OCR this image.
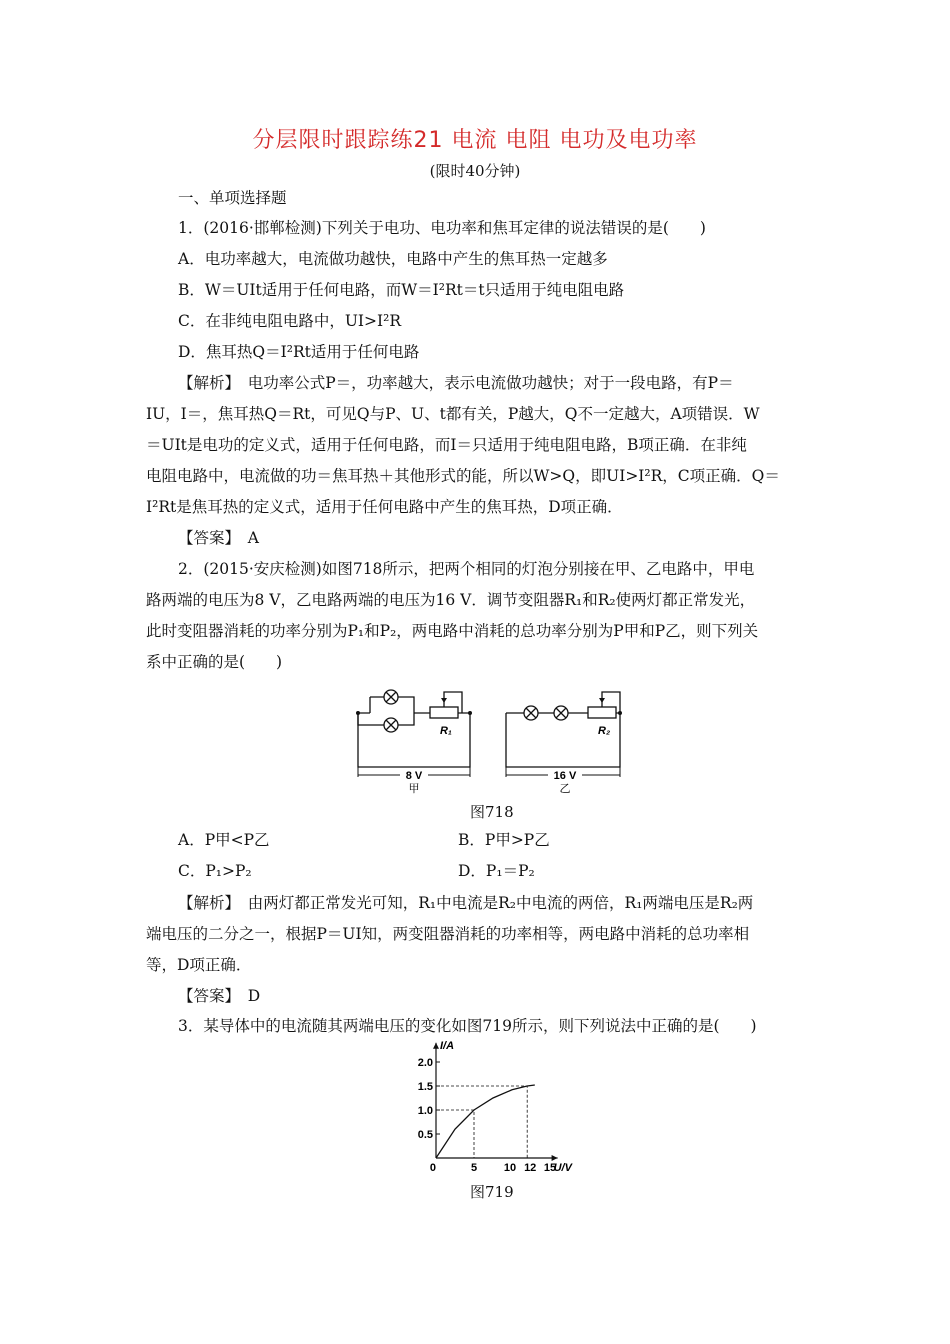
分层限时跟踪练21 电流 电阻 电功及电功率
(限时40分钟)
一、单项选择题
1．(2016·邯郸检测)下列关于电功、电功率和焦耳定律的说法错误的是(　　)
A．电功率越大，电流做功越快，电路中产生的焦耳热一定越多
B．W＝UIt适用于任何电路，而W＝I²Rt＝t只适用于纯电阻电路
C．在非纯电阻电路中，UI>I²R
D．焦耳热Q＝I²Rt适用于任何电路
【解析】　电功率公式P＝，功率越大，表示电流做功越快；对于一段电路，有P＝
IU，I＝，焦耳热Q＝Rt，可见Q与P、U、t都有关，P越大，Q不一定越大，A项错误．W
＝UIt是电功的定义式，适用于任何电路，而I＝只适用于纯电阻电路，B项正确．在非纯
电阻电路中，电流做的功＝焦耳热＋其他形式的能，所以W>Q，即UI>I²R，C项正确．Q＝
I²Rt是焦耳热的定义式，适用于任何电路中产生的焦耳热，D项正确．
【答案】　A
2．(2015·安庆检测)如图718所示，把两个相同的灯泡分别接在甲、乙电路中，甲电
路两端的电压为8 V，乙电路两端的电压为16 V．调节变阻器R₁和R₂使两灯都正常发光，
此时变阻器消耗的功率分别为P₁和P₂，两电路中消耗的总功率分别为P甲和P乙，则下列关
系中正确的是(　　)
R₁	R₂
8 V	16 V
甲	乙
图718
A．P甲<P乙	B．P甲>P乙
C．P₁>P₂	D．P₁＝P₂
【解析】　由两灯都正常发光可知，R₁中电流是R₂中电流的两倍，R₁两端电压是R₂两
端电压的二分之一，根据P＝UI知，两变阻器消耗的功率相等，两电路中消耗的总功率相
等，D项正确．
【答案】　D
3．某导体中的电流随其两端电压的变化如图719所示，则下列说法中正确的是(　　)
0.5
1.0
1.5
2.0
0	5 10 12 15
U/V
I/A
图719
